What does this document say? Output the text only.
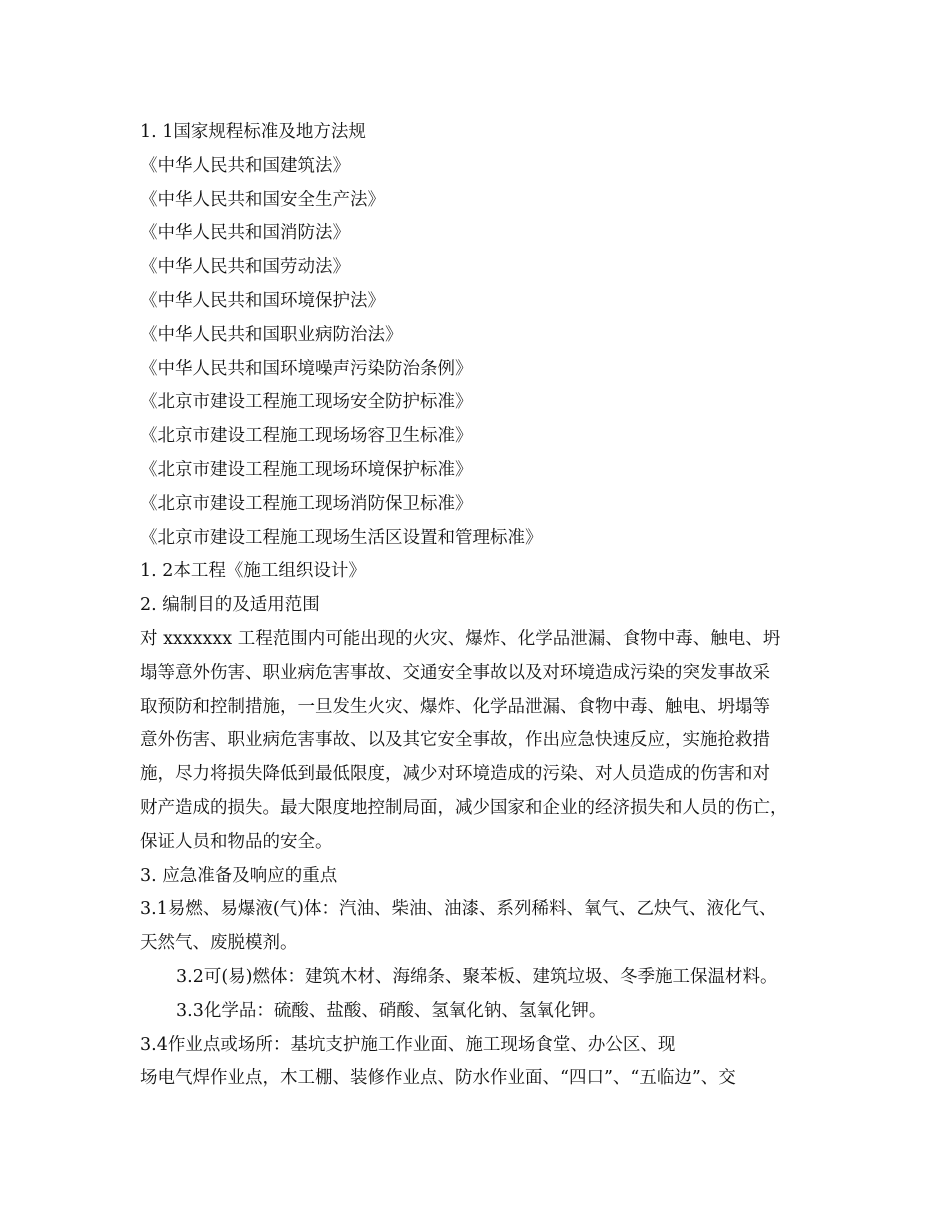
1. 1国家规程标准及地方法规
《中华人民共和国建筑法》
《中华人民共和国安全生产法》
《中华人民共和国消防法》
《中华人民共和国劳动法》
《中华人民共和国环境保护法》
《中华人民共和国职业病防治法》
《中华人民共和国环境噪声污染防治条例》
《北京市建设工程施工现场安全防护标准》
《北京市建设工程施工现场场容卫生标准》
《北京市建设工程施工现场环境保护标准》
《北京市建设工程施工现场消防保卫标准》
《北京市建设工程施工现场生活区设置和管理标准》
1. 2本工程《施工组织设计》
2. 编制目的及适用范围
对 xxxxxxx 工程范围内可能出现的火灾、爆炸、化学品泄漏、食物中毒、触电、坍
塌等意外伤害、职业病危害事故、交通安全事故以及对环境造成污染的突发事故采
取预防和控制措施，一旦发生火灾、爆炸、化学品泄漏、食物中毒、触电、坍塌等
意外伤害、职业病危害事故、以及其它安全事故，作出应急快速反应，实施抢救措
施，尽力将损失降低到最低限度，减少对环境造成的污染、对人员造成的伤害和对
财产造成的损失。最大限度地控制局面，减少国家和企业的经济损失和人员的伤亡，
保证人员和物品的安全。
3. 应急准备及响应的重点
3.1易燃、易爆液(气)体：汽油、柴油、油漆、系列稀料、氧气、乙炔气、液化气、
天然气、废脱模剂。
3.2可(易)燃体：建筑木材、海绵条、聚苯板、建筑垃圾、冬季施工保温材料。
3.3化学品：硫酸、盐酸、硝酸、氢氧化钠、氢氧化钾。
3.4作业点或场所：基坑支护施工作业面、施工现场食堂、办公区、现
场电气焊作业点，木工棚、装修作业点、防水作业面、“四口”、“五临边”、交
